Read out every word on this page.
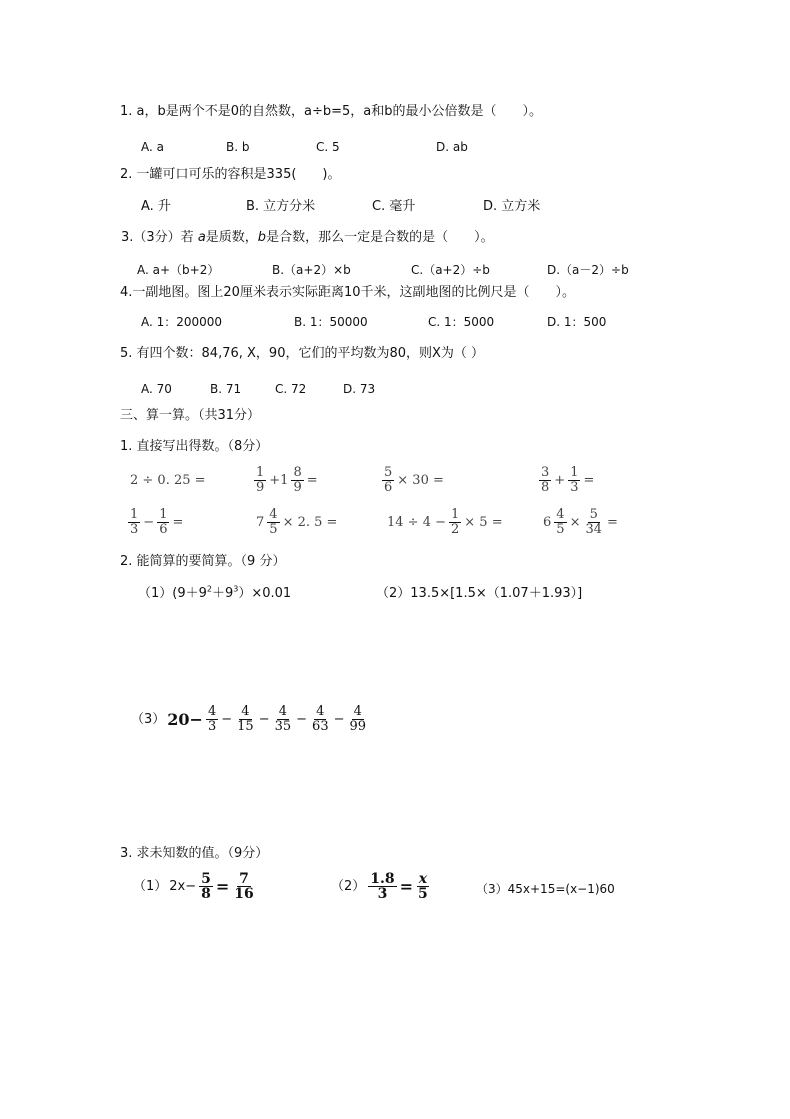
1. a，b是两个不是0的自然数，a÷b=5，a和b的最小公倍数是（　　）。
A. a	B. b	C. 5	D. ab
2. 一罐可口可乐的容积是335(　　)。
A. 升	B. 立方分米	C. 毫升	D. 立方米
3.（3分）若 a是质数，b是合数，那么一定是合数的是（　　）。
A. a+（b+2）	B.（a+2）×b	C.（a+2）÷b	D.（a－2）÷b
4.一副地图。图上20厘米表示实际距离10千米，这副地图的比例尺是（　　）。
A. 1：200000	B. 1：50000	C. 1：5000	D. 1：500
5. 有四个数：84,76, X，90，它们的平均数为80，则X为（ ）
A. 70	B. 71	C. 72	D. 73
三、算一算。（共31分）
1. 直接写出得数。（8分）
2 ÷ 0. 25 =	$\frac{1}{9} +1 \frac{8}{9}$ =	$\frac{5}{6} \times 30$ =	$\frac{3}{8} + \frac{1}{3}$ =
$\frac{1}{3} - \frac{1}{6}$ =	$7 \frac{4}{5} \times 2$. 5 =	$14 \div 4 - \frac{1}{2} \times 5$ =	$6 \frac{4}{5} \times \frac{5}{34}$ =
2. 能简算的要简算。（9 分）
$(1)(9+9^2+9^3)\times 0.01$	（2）13.5×[1.5×（1.07＋1.93）]
（3） $20- \frac{4}{3} - \frac{4}{15} - \frac{4}{35} - \frac{4}{63} - \frac{4}{99}$
3. 求未知数的值。（9分）
（1） $2x- \frac{5}{8} = \frac{7}{16}$	$(2) \frac{1.8}{3} = \frac{x}{5}$	（3）45x+15=(x−1)60
